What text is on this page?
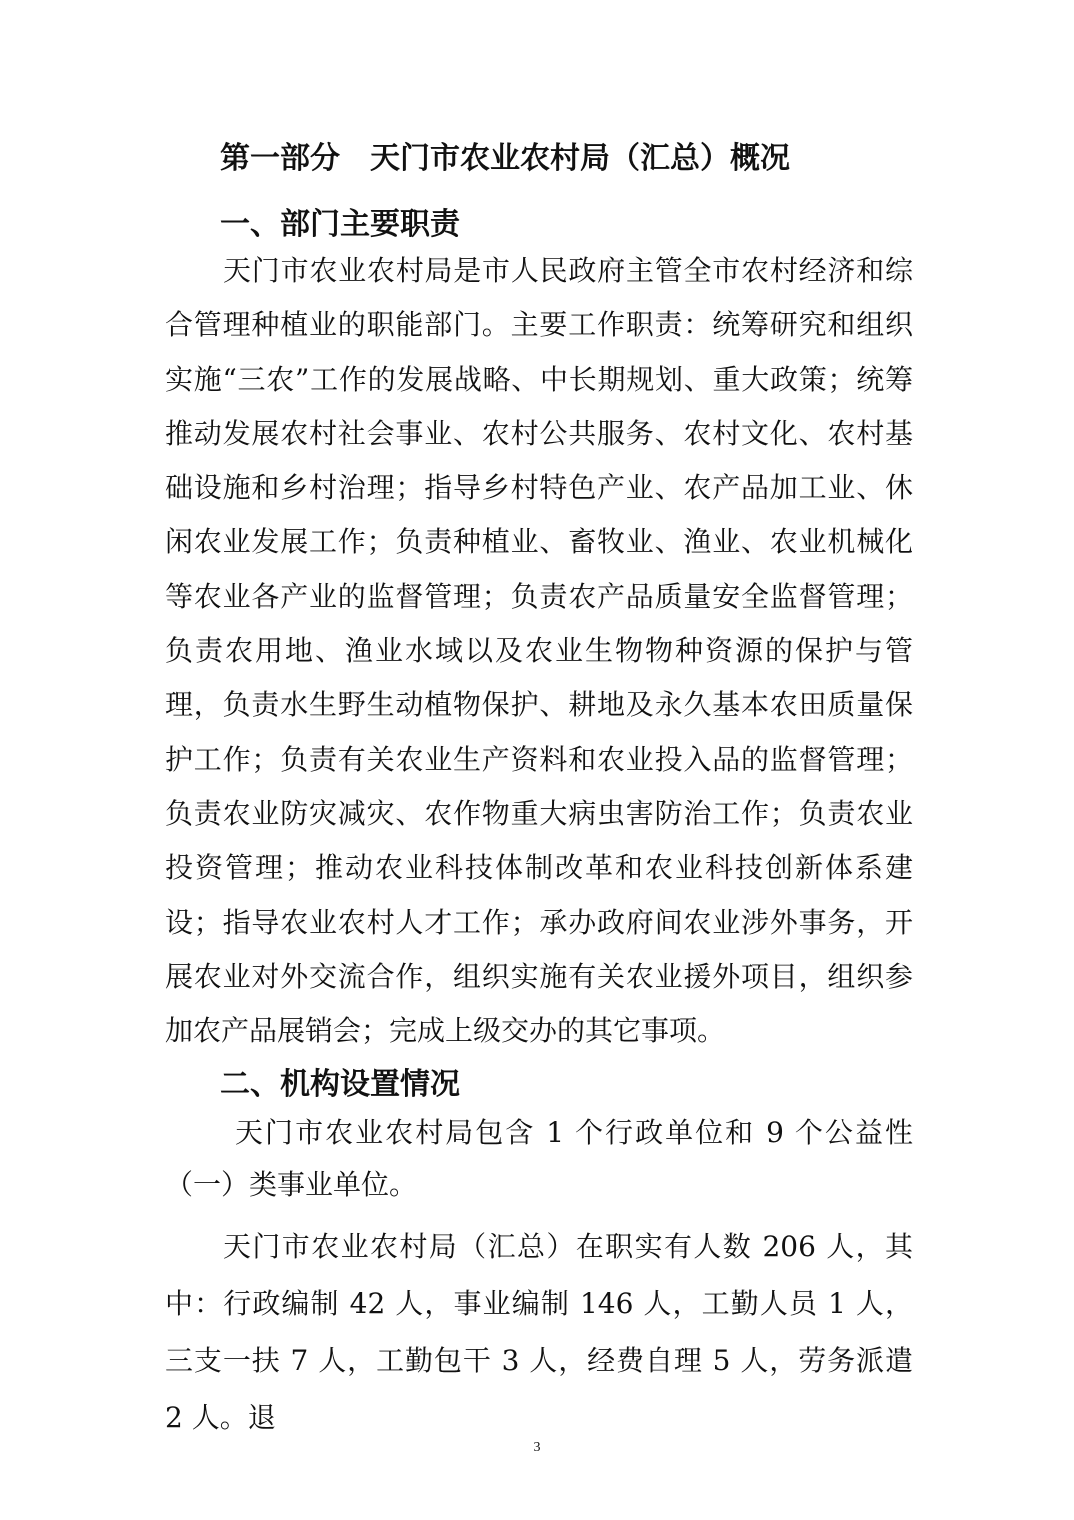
第一部分　天门市农业农村局（汇总）概况
一、部门主要职责

天门市农业农村局是市人民政府主管全市农村经济和综合管理种植业的职能部门。主要工作职责：统筹研究和组织实施“三农”工作的发展战略、中长期规划、重大政策；统筹推动发展农村社会事业、农村公共服务、农村文化、农村基础设施和乡村治理；指导乡村特色产业、农产品加工业、休闲农业发展工作；负责种植业、畜牧业、渔业、农业机械化等农业各产业的监督管理；负责农产品质量安全监督管理；负责农用地、渔业水域以及农业生物物种资源的保护与管理，负责水生野生动植物保护、耕地及永久基本农田质量保护工作；负责有关农业生产资料和农业投入品的监督管理；负责农业防灾减灾、农作物重大病虫害防治工作；负责农业投资管理；推动农业科技体制改革和农业科技创新体系建设；指导农业农村人才工作；承办政府间农业涉外事务，开展农业对外交流合作，组织实施有关农业援外项目，组织参加农产品展销会；完成上级交办的其它事项。

二、机构设置情况

天门市农业农村局包含 1 个行政单位和 9 个公益性（一）类事业单位。

天门市农业农村局（汇总）在职实有人数 206 人，其中：行政编制 42 人，事业编制 146 人，工勤人员 1 人，三支一扶 7 人，工勤包干 3 人，经费自理 5 人，劳务派遣 2 人。退

3
